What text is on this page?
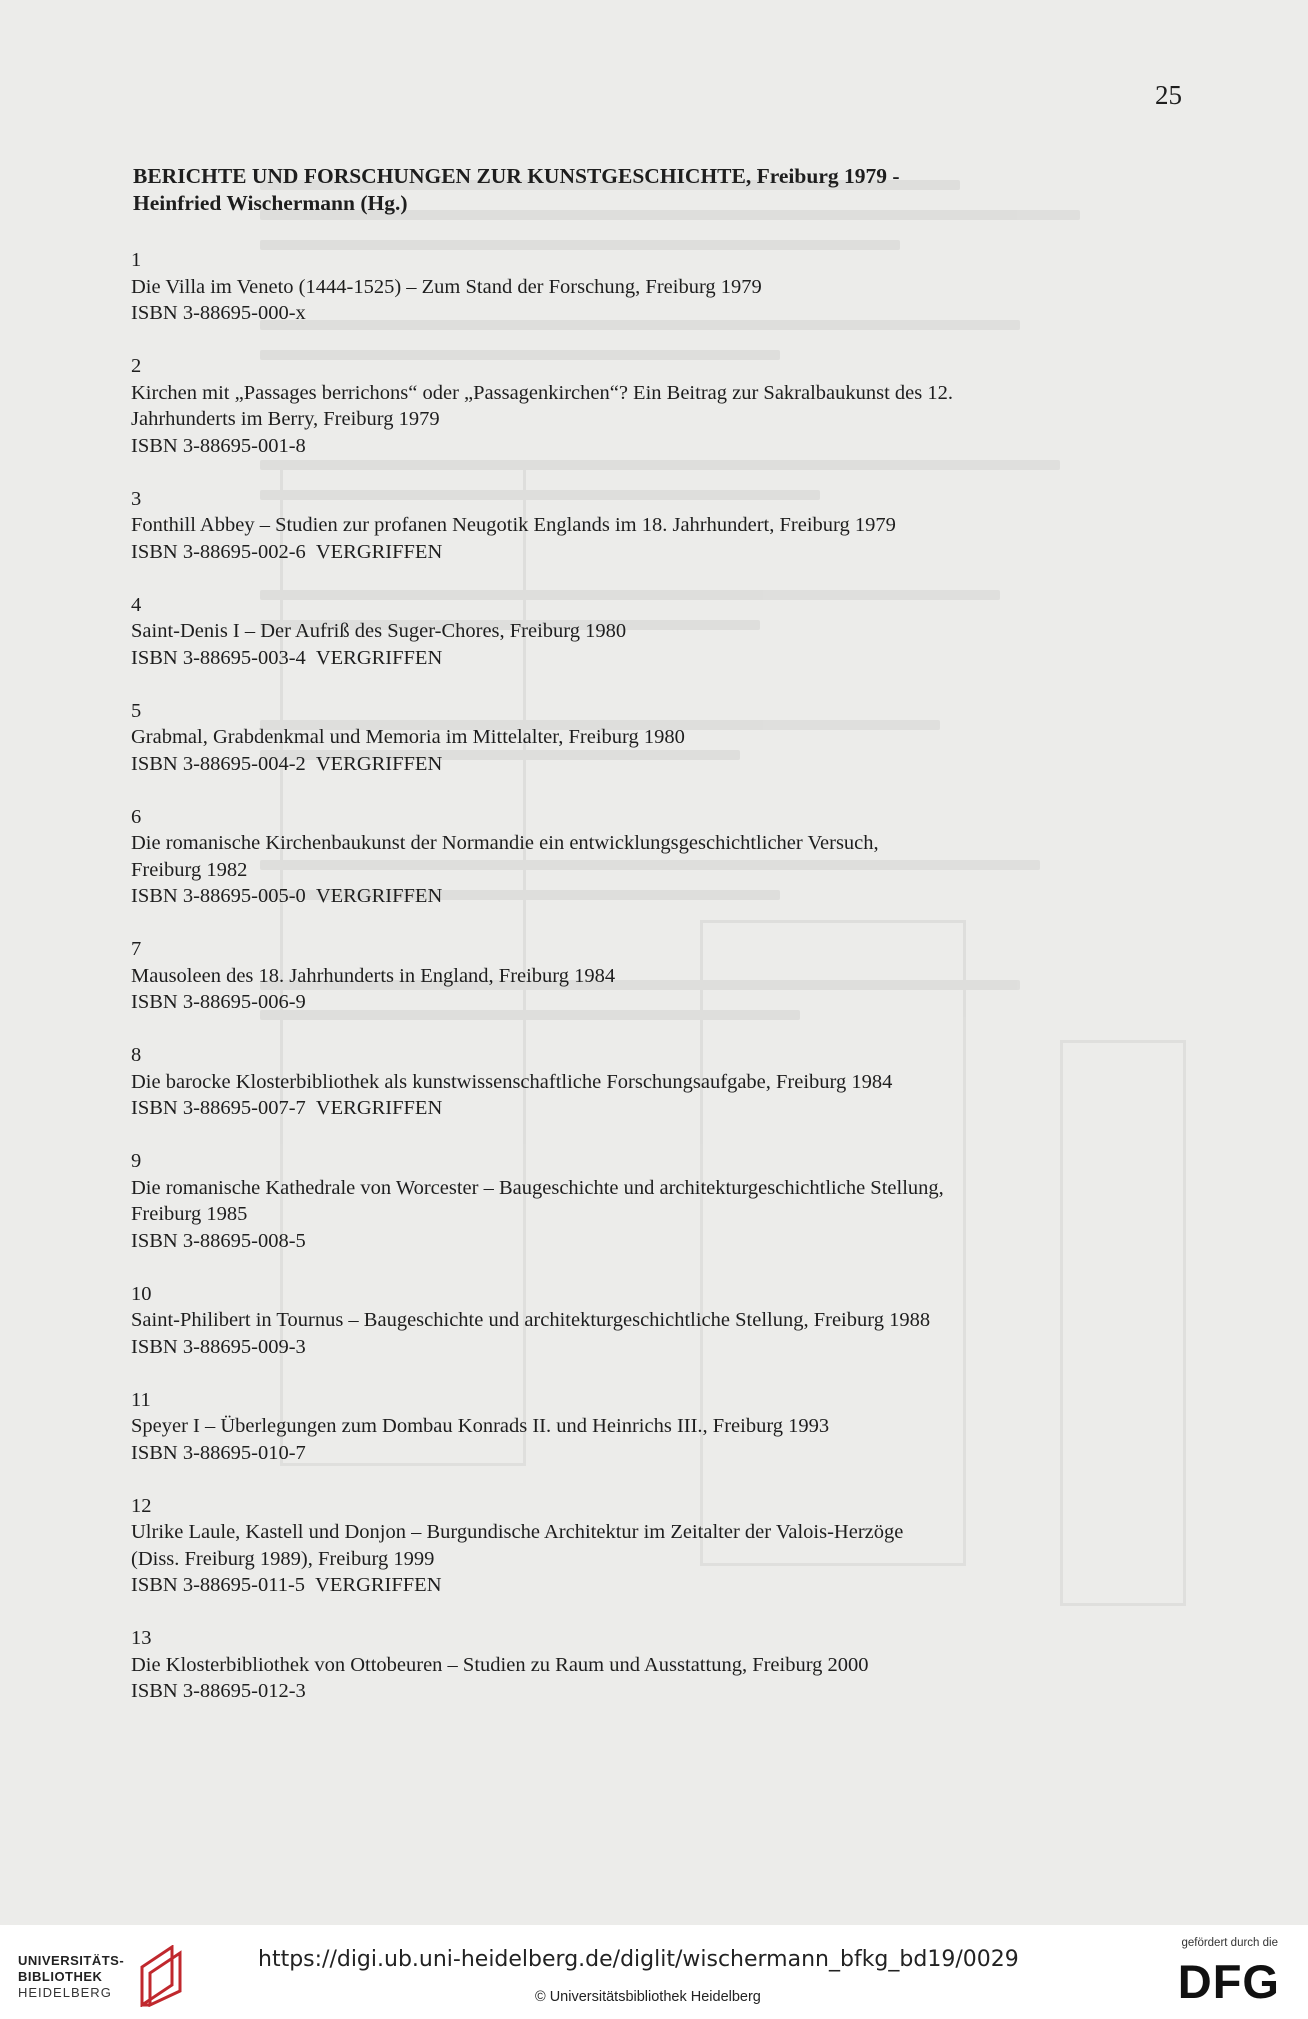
25
BERICHTE UND FORSCHUNGEN ZUR KUNSTGESCHICHTE, Freiburg 1979 -
Heinfried Wischermann (Hg.)
1
Die Villa im Veneto (1444-1525) – Zum Stand der Forschung, Freiburg 1979
ISBN 3-88695-000-x
2
Kirchen mit „Passages berrichons“ oder „Passagenkirchen“? Ein Beitrag zur Sakralbaukunst des 12.
Jahrhunderts im Berry, Freiburg 1979
ISBN 3-88695-001-8
3
Fonthill Abbey – Studien zur profanen Neugotik Englands im 18. Jahrhundert, Freiburg 1979
ISBN 3-88695-002-6 VERGRIFFEN
4
Saint-Denis I – Der Aufriß des Suger-Chores, Freiburg 1980
ISBN 3-88695-003-4 VERGRIFFEN
5
Grabmal, Grabdenkmal und Memoria im Mittelalter, Freiburg 1980
ISBN 3-88695-004-2 VERGRIFFEN
6
Die romanische Kirchenbaukunst der Normandie ein entwicklungsgeschichtlicher Versuch,
Freiburg 1982
ISBN 3-88695-005-0 VERGRIFFEN
7
Mausoleen des 18. Jahrhunderts in England, Freiburg 1984
ISBN 3-88695-006-9
8
Die barocke Klosterbibliothek als kunstwissenschaftliche Forschungsaufgabe, Freiburg 1984
ISBN 3-88695-007-7 VERGRIFFEN
9
Die romanische Kathedrale von Worcester – Baugeschichte und architekturgeschichtliche Stellung,
Freiburg 1985
ISBN 3-88695-008-5
10
Saint-Philibert in Tournus – Baugeschichte und architekturgeschichtliche Stellung, Freiburg 1988
ISBN 3-88695-009-3
11
Speyer I – Überlegungen zum Dombau Konrads II. und Heinrichs III., Freiburg 1993
ISBN 3-88695-010-7
12
Ulrike Laule, Kastell und Donjon – Burgundische Architektur im Zeitalter der Valois-Herzöge
(Diss. Freiburg 1989), Freiburg 1999
ISBN 3-88695-011-5 VERGRIFFEN
13
Die Klosterbibliothek von Ottobeuren – Studien zu Raum und Ausstattung, Freiburg 2000
ISBN 3-88695-012-3
UNIVERSITÄTS-
BIBLIOTHEK
HEIDELBERG
https://digi.ub.uni-heidelberg.de/diglit/wischermann_bfkg_bd19/0029
© Universitätsbibliothek Heidelberg
gefördert durch die
DFG
